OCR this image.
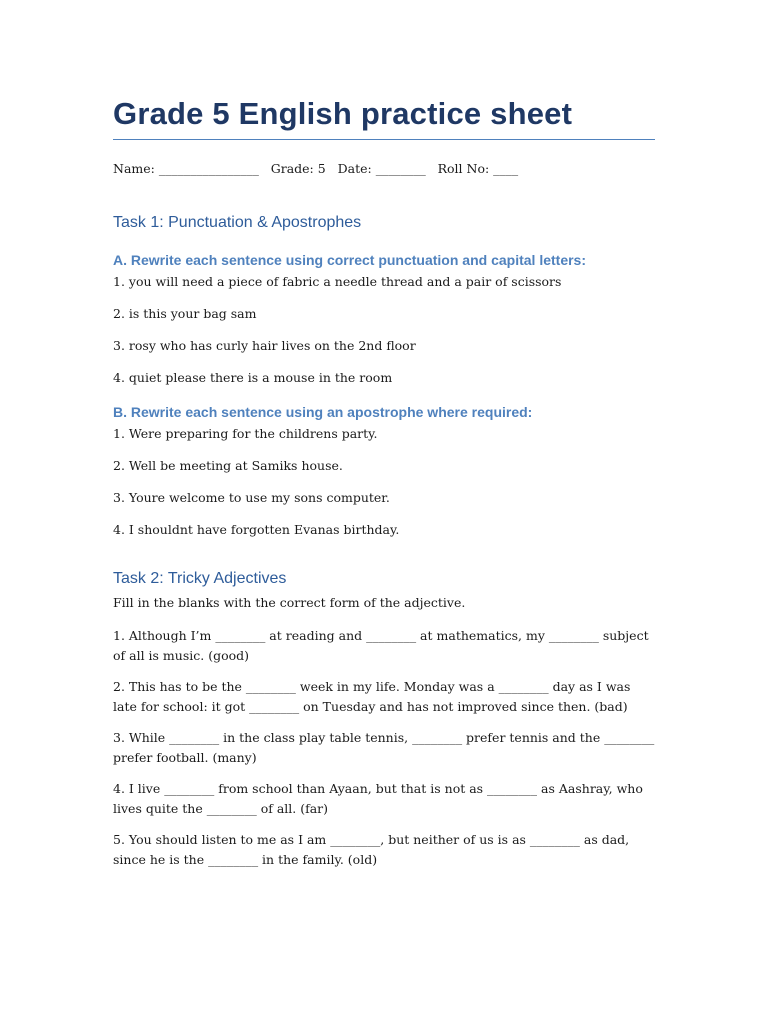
Grade 5 English practice sheet
Name: ________________   Grade: 5   Date: ________   Roll No: ____
Task 1: Punctuation & Apostrophes
A. Rewrite each sentence using correct punctuation and capital letters:

1. you will need a piece of fabric a needle thread and a pair of scissors

2. is this your bag sam

3. rosy who has curly hair lives on the 2nd floor

4. quiet please there is a mouse in the room

B. Rewrite each sentence using an apostrophe where required:

1. Were preparing for the childrens party.

2. Well be meeting at Samiks house.

3. Youre welcome to use my sons computer.

4. I shouldnt have forgotten Evanas birthday.

Task 2: Tricky Adjectives

Fill in the blanks with the correct form of the adjective.

1. Although I’m ________ at reading and ________ at mathematics, my ________ subject of all is music. (good)

2. This has to be the ________ week in my life. Monday was a ________ day as I was late for school: it got ________ on Tuesday and has not improved since then. (bad)

3. While ________ in the class play table tennis, ________ prefer tennis and the ________ prefer football. (many)

4. I live ________ from school than Ayaan, but that is not as ________ as Aashray, who lives quite the ________ of all. (far)

5. You should listen to me as I am ________, but neither of us is as ________ as dad, since he is the ________ in the family. (old)
